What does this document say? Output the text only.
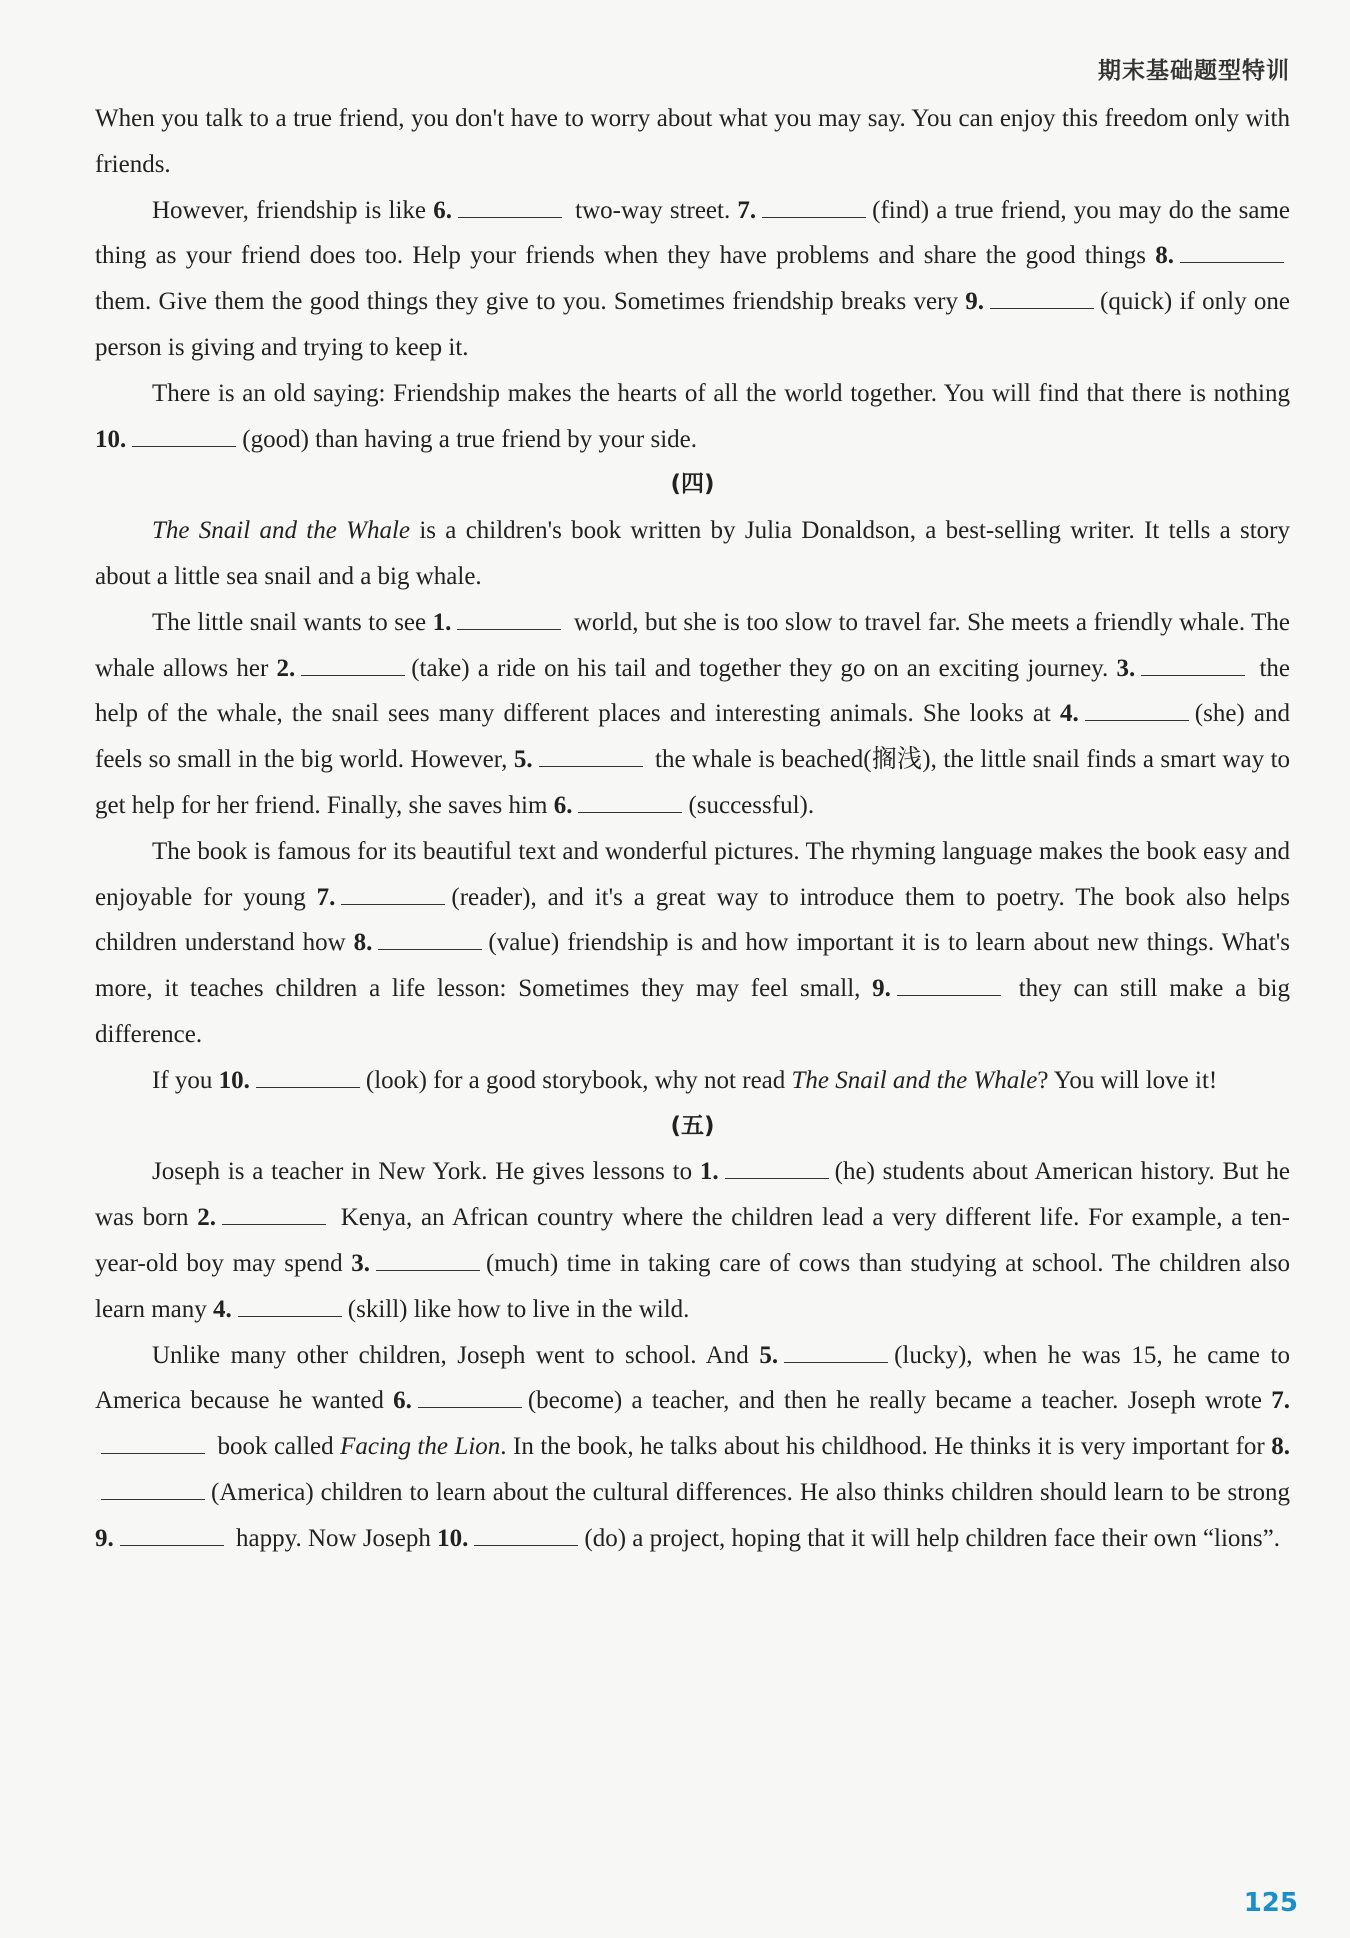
期末基础题型特训

When you talk to a true friend, you don't have to worry about what you may say. You can enjoy this freedom only with friends.

However, friendship is like 6.	two-way street. 7.	(find) a true friend, you may do the same thing as your friend does too. Help your friends when they have problems and share the good things 8. them. Give them the good things they give to you. Sometimes friendship breaks very 9.	(quick) if only one person is giving and trying to keep it.

There is an old saying: Friendship makes the hearts of all the world together. You will find that there is nothing 10.	(good) than having a true friend by your side.

(四)

The Snail and the Whale is a children's book written by Julia Donaldson, a best-selling writer. It tells a story about a little sea snail and a big whale.

The little snail wants to see 1.	world, but she is too slow to travel far. She meets a friendly whale. The whale allows her 2.	(take) a ride on his tail and together they go on an exciting journey. 3.	the help of the whale, the snail sees many different places and interesting animals. She looks at 4.	(she) and feels so small in the big world. However, 5.	the whale is beached(搁浅), the little snail finds a smart way to get help for her friend. Finally, she saves him 6.	(successful).

The book is famous for its beautiful text and wonderful pictures. The rhyming language makes the book easy and enjoyable for young 7.	(reader), and it's a great way to introduce them to poetry. The book also helps children understand how 8.	(value) friendship is and how important it is to learn about new things. What's more, it teaches children a life lesson: Sometimes they may feel small, 9.	they can still make a big difference.

If you 10.	(look) for a good storybook, why not read The Snail and the Whale? You will love it!

(五)

Joseph is a teacher in New York. He gives lessons to 1.	(he) students about American history. But he was born 2.	Kenya, an African country where the children lead a very different life. For example, a ten-year-old boy may spend 3.	(much) time in taking care of cows than studying at school. The children also learn many 4.	(skill) like how to live in the wild.

Unlike many other children, Joseph went to school. And 5.	(lucky), when he was 15, he came to America because he wanted 6.	(become) a teacher, and then he really became a teacher. Joseph wrote 7. book called Facing the Lion. In the book, he talks about his childhood. He thinks it is very important for 8.(America) children to learn about the cultural differences. He also thinks children should learn to be strong 9.	happy. Now Joseph 10.	(do) a project, hoping that it will help children face their own “lions”.

125
